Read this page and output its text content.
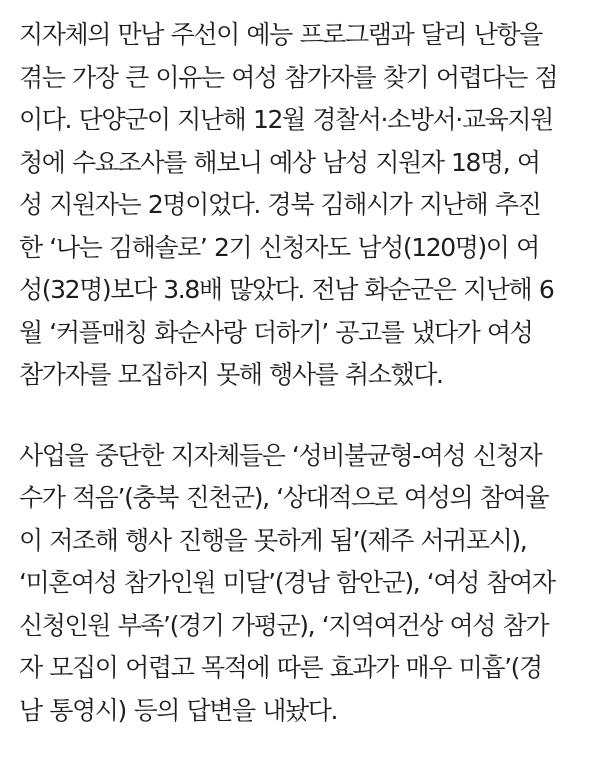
지자체의 만남 주선이 예능 프로그램과 달리 난항을
겪는 가장 큰 이유는 여성 참가자를 찾기 어렵다는 점
이다. 단양군이 지난해 12월 경찰서·소방서·교육지원
청에 수요조사를 해보니 예상 남성 지원자 18명, 여
성 지원자는 2명이었다. 경북 김해시가 지난해 추진
한 ‘나는 김해솔로’ 2기 신청자도 남성(120명)이 여
성(32명)보다 3.8배 많았다. 전남 화순군은 지난해 6
월 ‘커플매칭 화순사랑 더하기’ 공고를 냈다가 여성
참가자를 모집하지 못해 행사를 취소했다.
사업을 중단한 지자체들은 ‘성비불균형-여성 신청자
수가 적음’(충북 진천군), ‘상대적으로 여성의 참여율
이 저조해 행사 진행을 못하게 됨’(제주 서귀포시),
‘미혼여성 참가인원 미달’(경남 함안군), ‘여성 참여자
신청인원 부족’(경기 가평군), ‘지역여건상 여성 참가
자 모집이 어렵고 목적에 따른 효과가 매우 미흡’(경
남 통영시) 등의 답변을 내놨다.
